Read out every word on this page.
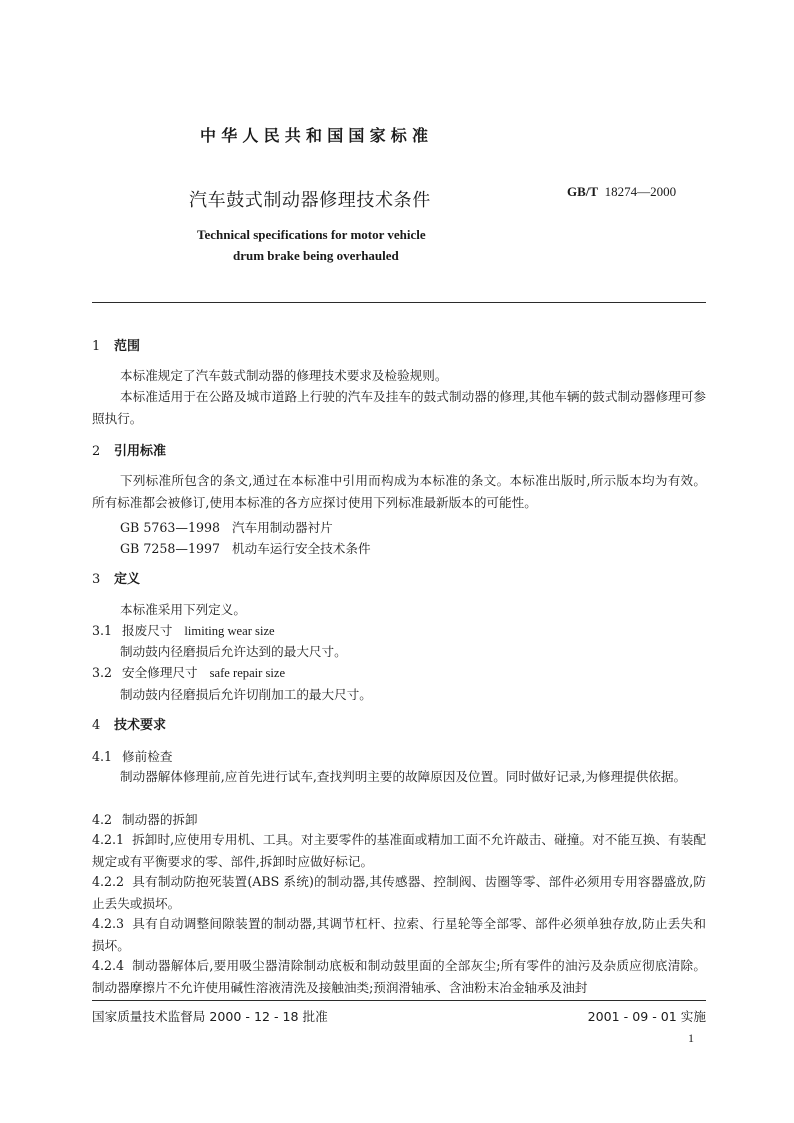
中华人民共和国国家标准
汽车鼓式制动器修理技术条件	GB/T 18274—2000
Technical specifications for motor vehicle
drum brake being overhauled
1 范围
本标准规定了汽车鼓式制动器的修理技术要求及检验规则。
本标准适用于在公路及城市道路上行驶的汽车及挂车的鼓式制动器的修理,其他车辆的鼓式制动器修理可参照执行。
2 引用标准
下列标准所包含的条文,通过在本标准中引用而构成为本标准的条文。本标准出版时,所示版本均为有效。所有标准都会被修订,使用本标准的各方应探讨使用下列标准最新版本的可能性。
GB 5763—1998   汽车用制动器衬片
GB 7258—1997   机动车运行安全技术条件
3 定义
本标准采用下列定义。
3.1 报废尺寸 limiting wear size
制动鼓内径磨损后允许达到的最大尺寸。
3.2 安全修理尺寸 safe repair size
制动鼓内径磨损后允许切削加工的最大尺寸。
4 技术要求
4.1 修前检查
制动器解体修理前,应首先进行试车,查找判明主要的故障原因及位置。同时做好记录,为修理提供依据。
4.2 制动器的拆卸
4.2.1 拆卸时,应使用专用机、工具。对主要零件的基准面或精加工面不允许敲击、碰撞。对不能互换、有装配规定或有平衡要求的零、部件,拆卸时应做好标记。
4.2.2 具有制动防抱死装置(ABS 系统)的制动器,其传感器、控制阀、齿圈等零、部件必须用专用容器盛放,防止丢失或损坏。
4.2.3 具有自动调整间隙装置的制动器,其调节杠杆、拉索、行星轮等全部零、部件必须单独存放,防止丢失和损坏。
4.2.4 制动器解体后,要用吸尘器清除制动底板和制动鼓里面的全部灰尘;所有零件的油污及杂质应彻底清除。制动器摩擦片不允许使用碱性溶液清洗及接触油类;预润滑轴承、含油粉末冶金轴承及油封
国家质量技术监督局 2000 - 12 - 18 批准	2001 - 09 - 01 实施
1
